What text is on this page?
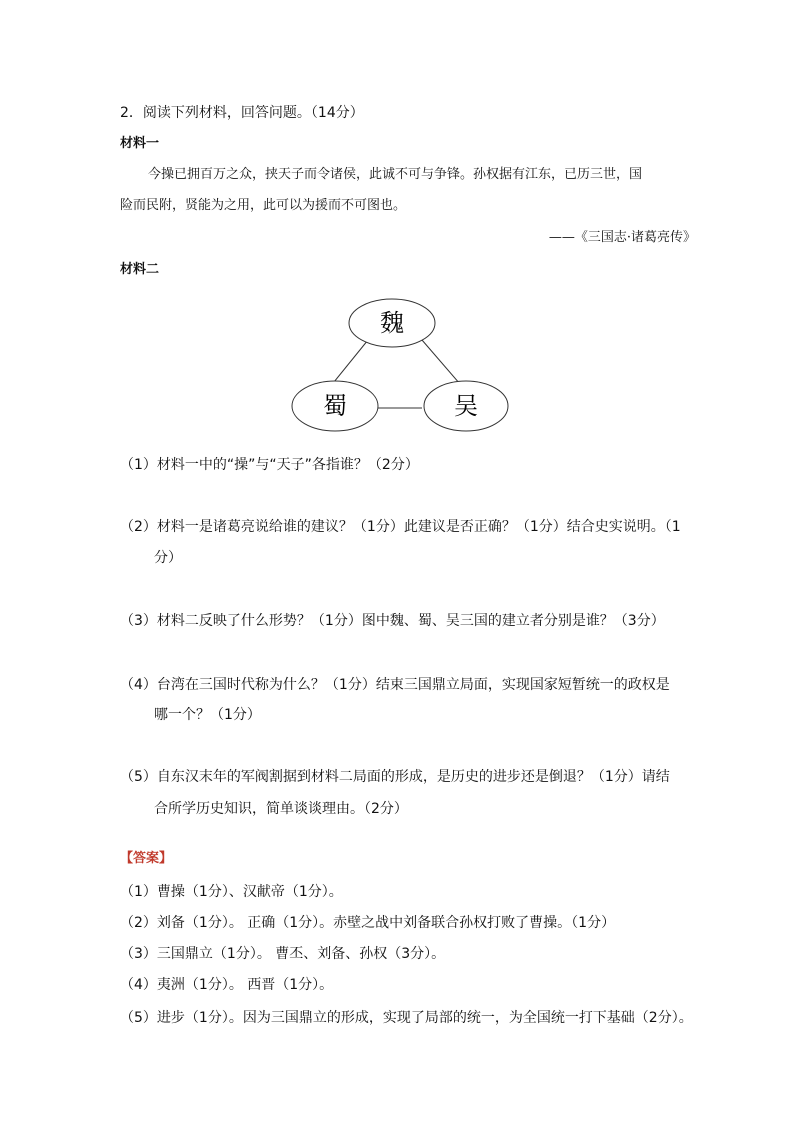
2．阅读下列材料，回答问题。（14分）
材料一
今操已拥百万之众，挟天子而令诸侯，此诚不可与争锋。孙权据有江东，已历三世，国
险而民附，贤能为之用，此可以为援而不可图也。
——《三国志·诸葛亮传》
材料二
魏
蜀	吴
（1）材料一中的“操”与“天子”各指谁？（2分）
（2）材料一是诸葛亮说给谁的建议？（1分）此建议是否正确？（1分）结合史实说明。（1
分）
（3）材料二反映了什么形势？（1分）图中魏、蜀、吴三国的建立者分别是谁？（3分）
（4）台湾在三国时代称为什么？（1分）结束三国鼎立局面，实现国家短暂统一的政权是
哪一个？（1分）
（5）自东汉末年的军阀割据到材料二局面的形成，是历史的进步还是倒退？（1分）请结
合所学历史知识，简单谈谈理由。（2分）
【答案】
（1）曹操（1分）、汉献帝（1分）。
（2）刘备（1分）。 正确（1分）。赤壁之战中刘备联合孙权打败了曹操。（1分）
（3）三国鼎立（1分）。 曹丕、刘备、孙权（3分）。
（4）夷洲（1分）。 西晋（1分）。
（5）进步（1分）。因为三国鼎立的形成，实现了局部的统一，为全国统一打下基础（2分）。
